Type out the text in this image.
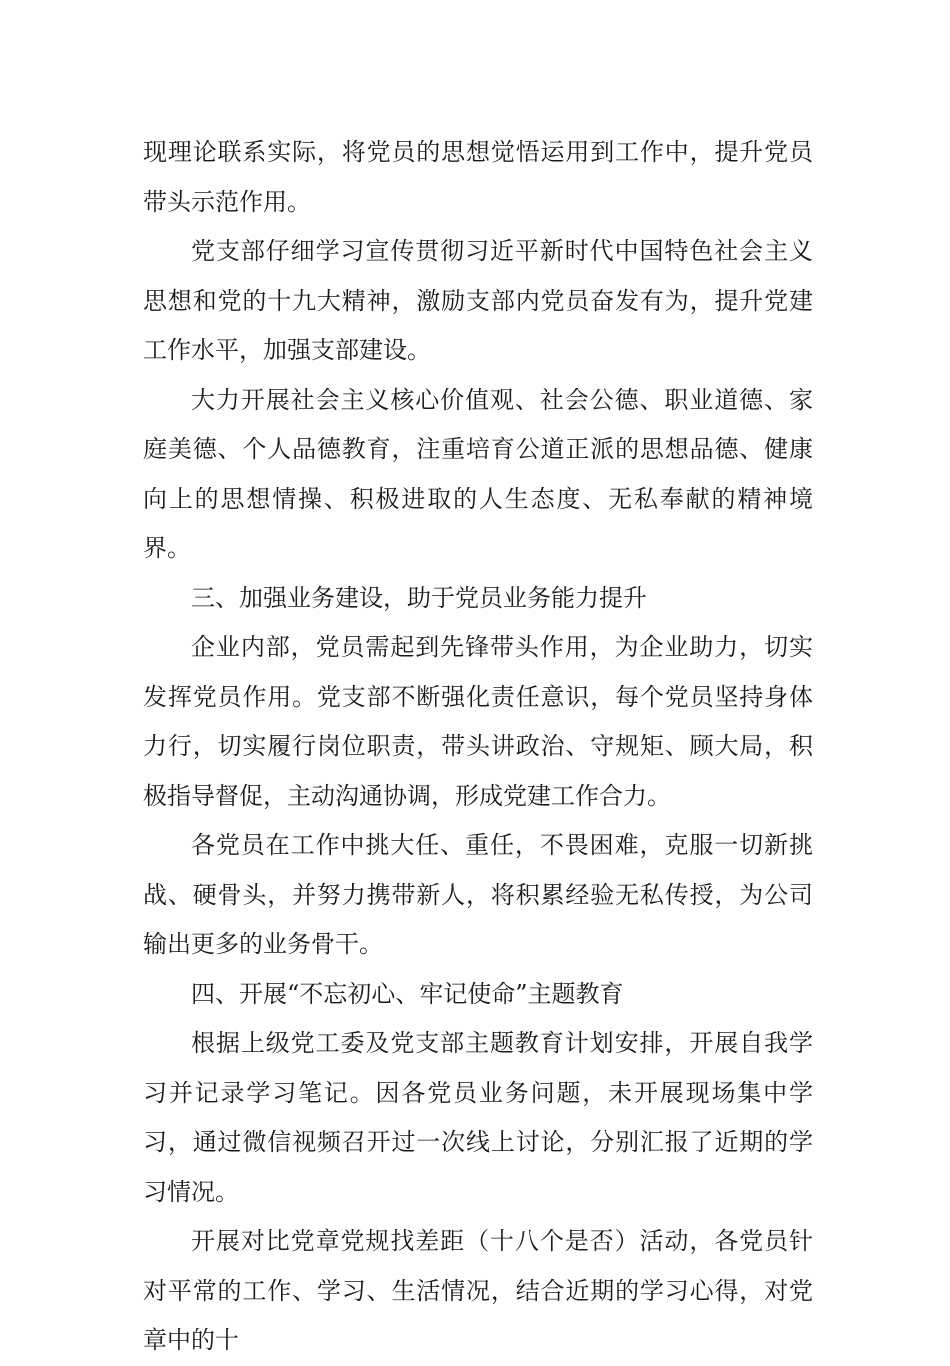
现理论联系实际，将党员的思想觉悟运用到工作中，提升党员带头示范作用。

党支部仔细学习宣传贯彻习近平新时代中国特色社会主义思想和党的十九大精神，激励支部内党员奋发有为，提升党建工作水平，加强支部建设。

大力开展社会主义核心价值观、社会公德、职业道德、家庭美德、个人品德教育，注重培育公道正派的思想品德、健康向上的思想情操、积极进取的人生态度、无私奉献的精神境界。

三、加强业务建设，助于党员业务能力提升

企业内部，党员需起到先锋带头作用，为企业助力，切实发挥党员作用。党支部不断强化责任意识，每个党员坚持身体力行，切实履行岗位职责，带头讲政治、守规矩、顾大局，积极指导督促，主动沟通协调，形成党建工作合力。

各党员在工作中挑大任、重任，不畏困难，克服一切新挑战、硬骨头，并努力携带新人，将积累经验无私传授，为公司输出更多的业务骨干。

四、开展“不忘初心、牢记使命”主题教育

根据上级党工委及党支部主题教育计划安排，开展自我学习并记录学习笔记。因各党员业务问题，未开展现场集中学习，通过微信视频召开过一次线上讨论，分别汇报了近期的学习情况。

开展对比党章党规找差距（十八个是否）活动，各党员针对平常的工作、学习、生活情况，结合近期的学习心得，对党章中的十
